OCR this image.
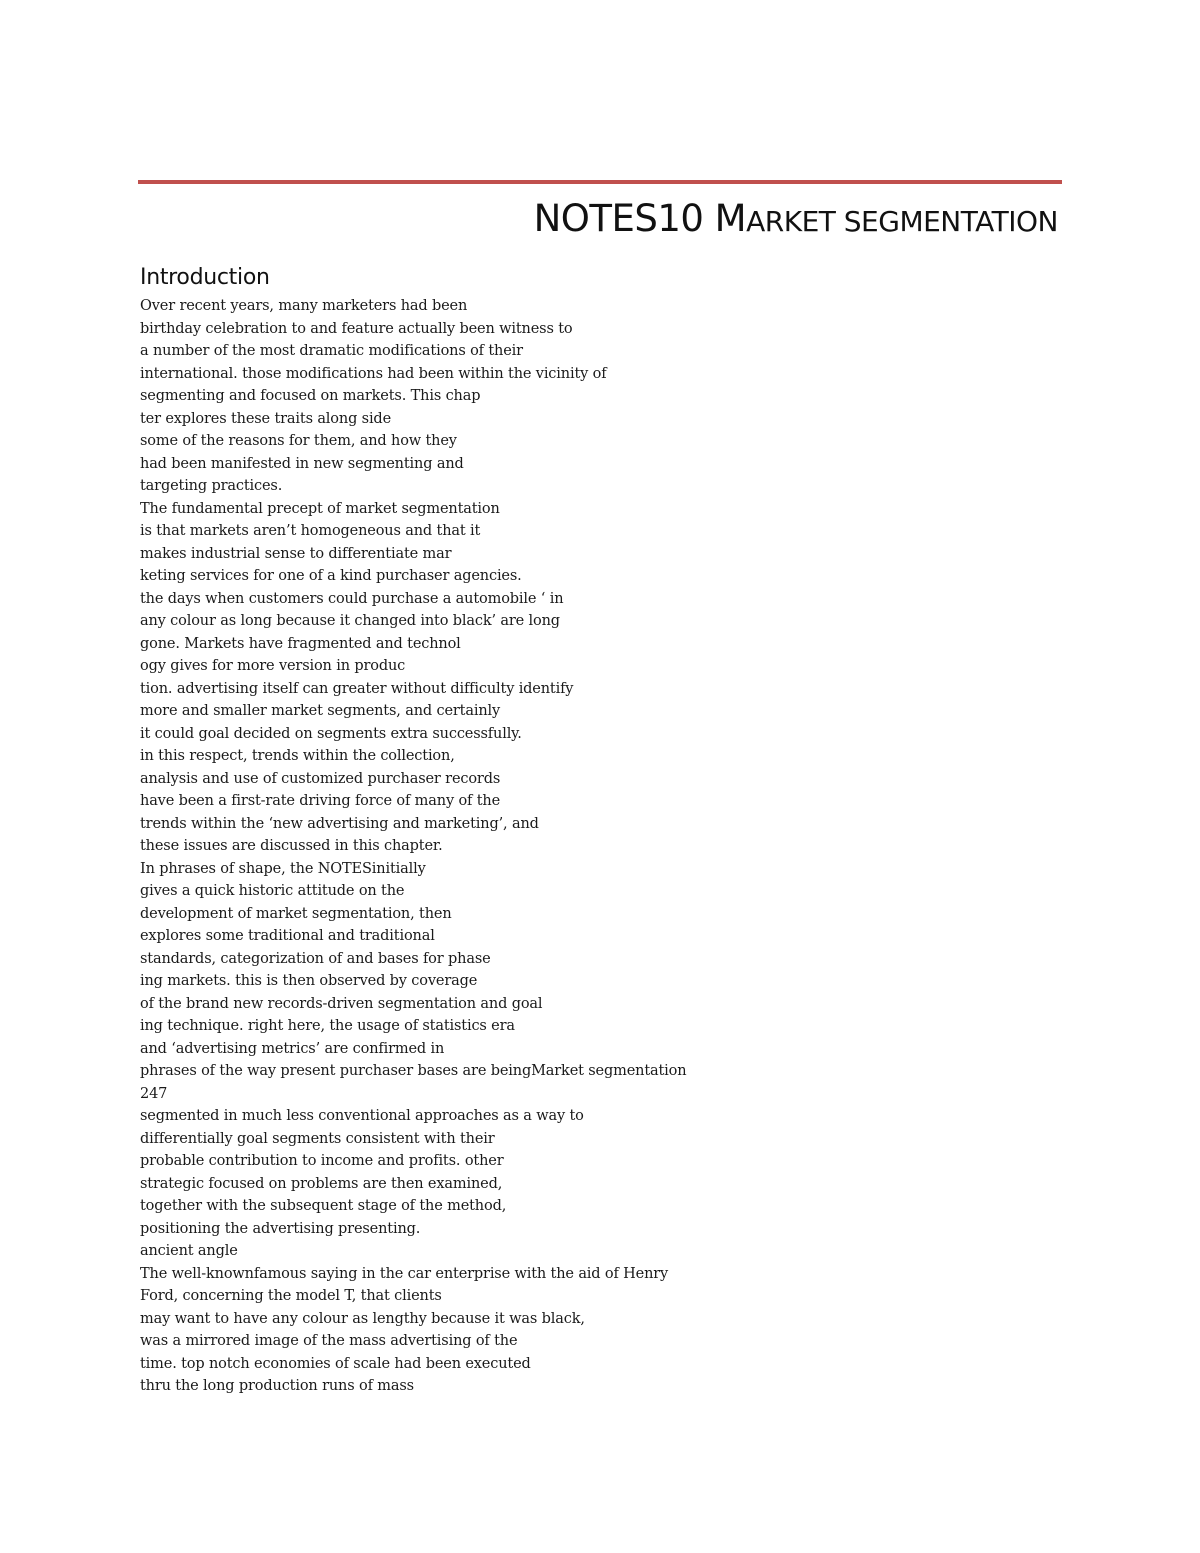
NOTES10 MARKET SEGMENTATION
Introduction
Over recent years, many marketers had been
birthday celebration to and feature actually been witness to
a number of the most dramatic modifications of their
international. those modifications had been within the vicinity of
segmenting and focused on markets. This chap
ter explores these traits along side
some of the reasons for them, and how they
had been manifested in new segmenting and
targeting practices.
The fundamental precept of market segmentation
is that markets aren’t homogeneous and that it
makes industrial sense to differentiate mar
keting services for one of a kind purchaser agencies.
the days when customers could purchase a automobile ‘ in
any colour as long because it changed into black’ are long
gone. Markets have fragmented and technol
ogy gives for more version in produc
tion. advertising itself can greater without difficulty identify
more and smaller market segments, and certainly
it could goal decided on segments extra successfully.
in this respect, trends within the collection,
analysis and use of customized purchaser records
have been a first-rate driving force of many of the
trends within the ‘new advertising and marketing’, and
these issues are discussed in this chapter.
In phrases of shape, the NOTESinitially
gives a quick historic attitude on the
development of market segmentation, then
explores some traditional and traditional
standards, categorization of and bases for phase
ing markets. this is then observed by coverage
of the brand new records-driven segmentation and goal
ing technique. right here, the usage of statistics era
and ‘advertising metrics’ are confirmed in
phrases of the way present purchaser bases are beingMarket segmentation
247
segmented in much less conventional approaches as a way to
differentially goal segments consistent with their
probable contribution to income and profits. other
strategic focused on problems are then examined,
together with the subsequent stage of the method,
positioning the advertising presenting.
ancient angle
The well-knownfamous saying in the car enterprise with the aid of Henry
Ford, concerning the model T, that clients
may want to have any colour as lengthy because it was black,
was a mirrored image of the mass advertising of the
time. top notch economies of scale had been executed
thru the long production runs of mass
